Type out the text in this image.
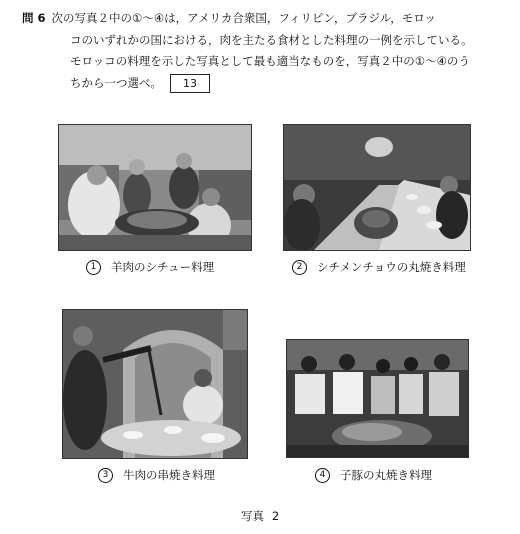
問 6 次の写真２中の①～④は，アメリカ合衆国，フィリピン，ブラジル，モロッ
コのいずれかの国における，肉を主たる食材とした料理の一例を示している。
モロッコの料理を示した写真として最も適当なものを，写真２中の①～④のう
ちから一つ選べ。 13
1 羊肉のシチュー料理	2 シチメンチョウの丸焼き料理
3 牛肉の串焼き料理	4 子豚の丸焼き料理
写真 2
